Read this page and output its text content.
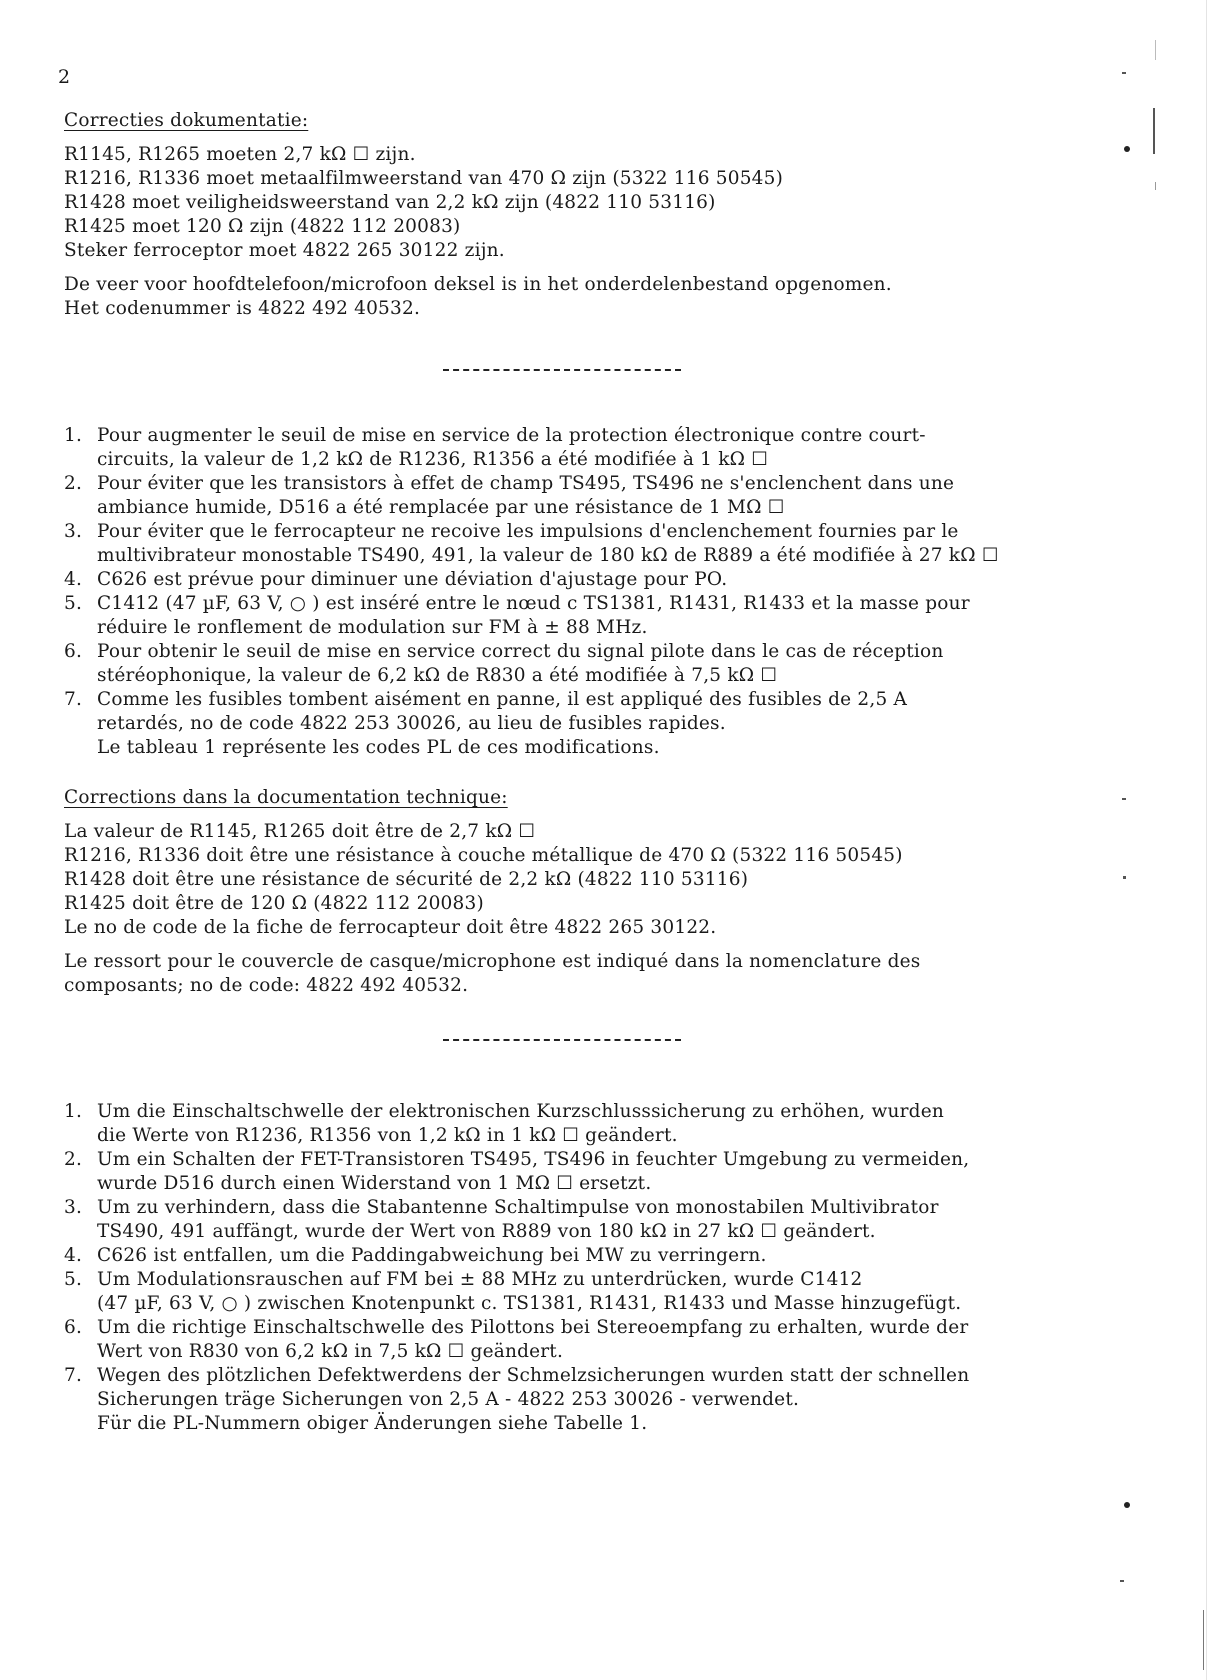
2
Correcties dokumentatie:
R1145, R1265 moeten 2,7 kΩ ☐ zijn.
R1216, R1336 moet metaalfilmweerstand van 470 Ω zijn (5322 116 50545)
R1428 moet veiligheidsweerstand van 2,2 kΩ zijn (4822 110 53116)
R1425 moet 120 Ω zijn (4822 112 20083)
Steker ferroceptor moet 4822 265 30122 zijn.
De veer voor hoofdtelefoon/microfoon deksel is in het onderdelenbestand opgenomen.
Het codenummer is 4822 492 40532.
1. Pour augmenter le seuil de mise en service de la protection électronique contre court-
circuits, la valeur de 1,2 kΩ de R1236, R1356 a été modifiée à 1 kΩ ☐
2. Pour éviter que les transistors à effet de champ TS495, TS496 ne s'enclenchent dans une
ambiance humide, D516 a été remplacée par une résistance de 1 MΩ ☐
3. Pour éviter que le ferrocapteur ne recoive les impulsions d'enclenchement fournies par le
multivibrateur monostable TS490, 491, la valeur de 180 kΩ de R889 a été modifiée à 27 kΩ ☐
4. C626 est prévue pour diminuer une déviation d'ajustage pour PO.
5. C1412 (47 µF, 63 V, ○ ) est inséré entre le nœud c TS1381, R1431, R1433 et la masse pour
réduire le ronflement de modulation sur FM à ± 88 MHz.
6. Pour obtenir le seuil de mise en service correct du signal pilote dans le cas de réception
stéréophonique, la valeur de 6,2 kΩ de R830 a été modifiée à 7,5 kΩ ☐
7. Comme les fusibles tombent aisément en panne, il est appliqué des fusibles de 2,5 A
retardés, no de code 4822 253 30026, au lieu de fusibles rapides.
Le tableau 1 représente les codes PL de ces modifications.
Corrections dans la documentation technique:
La valeur de R1145, R1265 doit être de 2,7 kΩ ☐
R1216, R1336 doit être une résistance à couche métallique de 470 Ω (5322 116 50545)
R1428 doit être une résistance de sécurité de 2,2 kΩ (4822 110 53116)
R1425 doit être de 120 Ω (4822 112 20083)
Le no de code de la fiche de ferrocapteur doit être 4822 265 30122.
Le ressort pour le couvercle de casque/microphone est indiqué dans la nomenclature des
composants; no de code: 4822 492 40532.
1. Um die Einschaltschwelle der elektronischen Kurzschlusssicherung zu erhöhen, wurden
die Werte von R1236, R1356 von 1,2 kΩ in 1 kΩ ☐ geändert.
2. Um ein Schalten der FET-Transistoren TS495, TS496 in feuchter Umgebung zu vermeiden,
wurde D516 durch einen Widerstand von 1 MΩ ☐ ersetzt.
3. Um zu verhindern, dass die Stabantenne Schaltimpulse von monostabilen Multivibrator
TS490, 491 auffängt, wurde der Wert von R889 von 180 kΩ in 27 kΩ ☐ geändert.
4. C626 ist entfallen, um die Paddingabweichung bei MW zu verringern.
5. Um Modulationsrauschen auf FM bei ± 88 MHz zu unterdrücken, wurde C1412
(47 µF, 63 V, ○ ) zwischen Knotenpunkt c. TS1381, R1431, R1433 und Masse hinzugefügt.
6. Um die richtige Einschaltschwelle des Pilottons bei Stereoempfang zu erhalten, wurde der
Wert von R830 von 6,2 kΩ in 7,5 kΩ ☐ geändert.
7. Wegen des plötzlichen Defektwerdens der Schmelzsicherungen wurden statt der schnellen
Sicherungen träge Sicherungen von 2,5 A - 4822 253 30026 - verwendet.
Für die PL-Nummern obiger Änderungen siehe Tabelle 1.
